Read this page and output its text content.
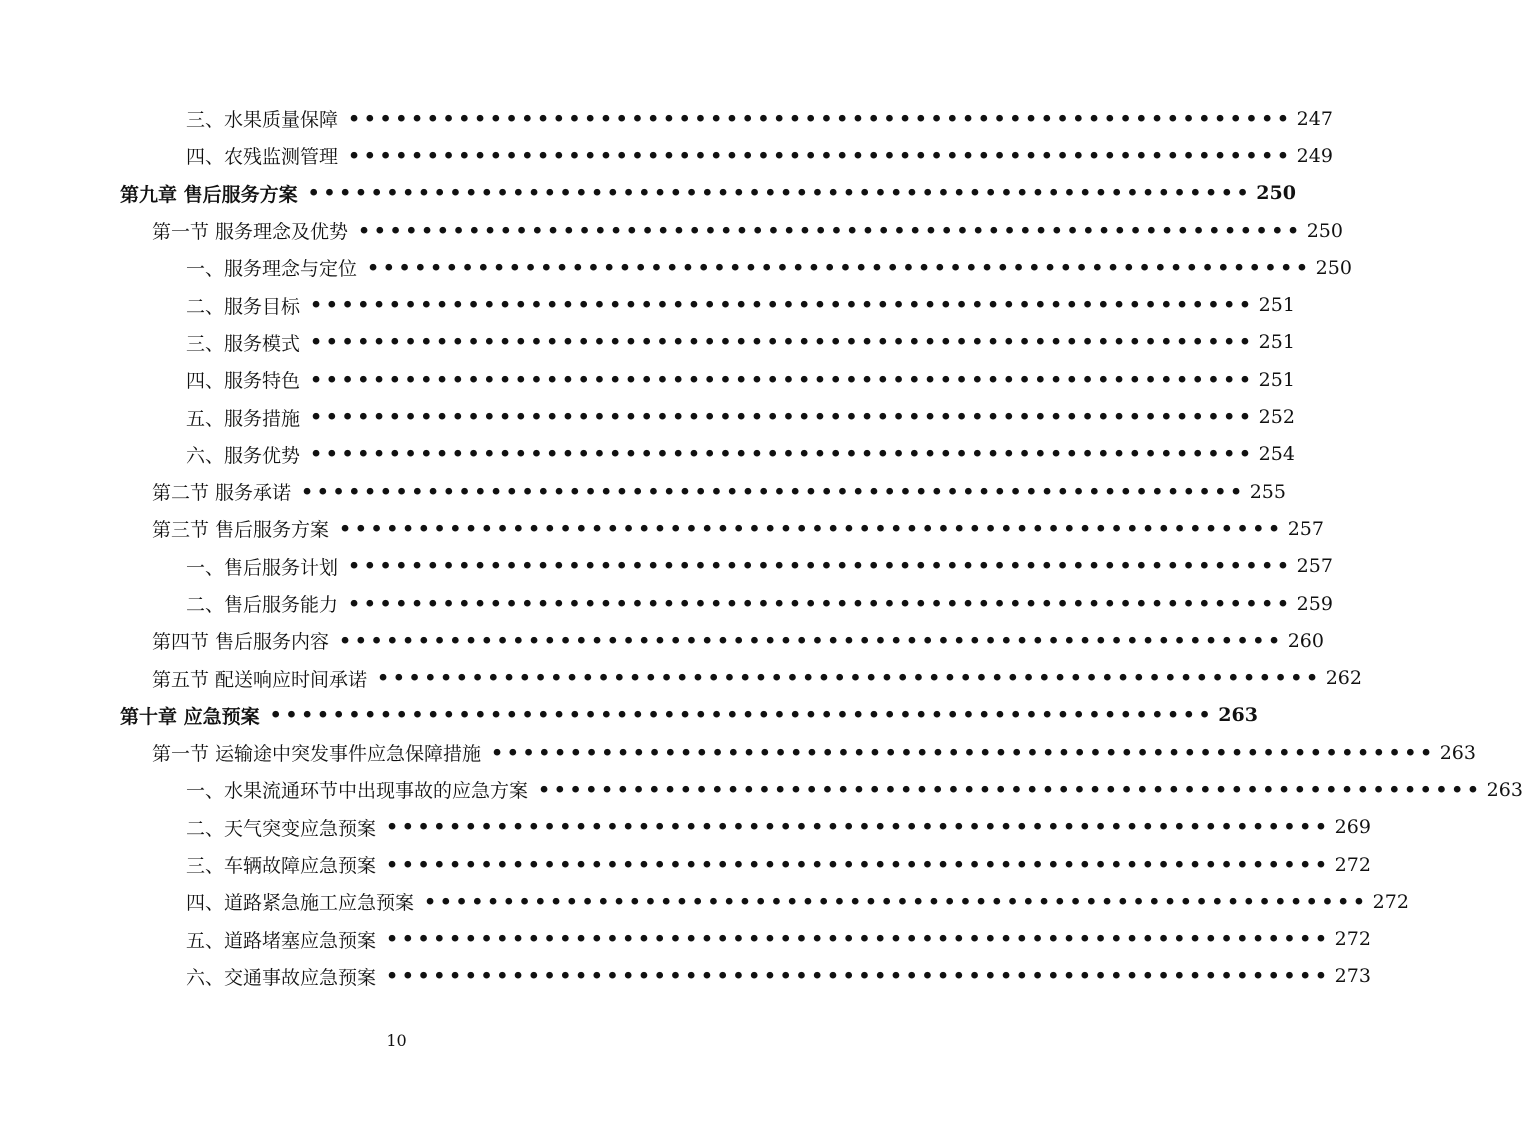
三、水果质量保障 •••••••••••••••••••••••••••••••••••••••••••••••••••••••••••• 247
四、农残监测管理 •••••••••••••••••••••••••••••••••••••••••••••••••••••••••••• 249
第九章 售后服务方案 •••••••••••••••••••••••••••••••••••••••••••••••••••••••••••• 250
第一节 服务理念及优势 •••••••••••••••••••••••••••••••••••••••••••••••••••••••••••• 250
一、服务理念与定位 •••••••••••••••••••••••••••••••••••••••••••••••••••••••••••• 250
二、服务目标 •••••••••••••••••••••••••••••••••••••••••••••••••••••••••••• 251
三、服务模式 •••••••••••••••••••••••••••••••••••••••••••••••••••••••••••• 251
四、服务特色 •••••••••••••••••••••••••••••••••••••••••••••••••••••••••••• 251
五、服务措施 •••••••••••••••••••••••••••••••••••••••••••••••••••••••••••• 252
六、服务优势 •••••••••••••••••••••••••••••••••••••••••••••••••••••••••••• 254
第二节 服务承诺 •••••••••••••••••••••••••••••••••••••••••••••••••••••••••••• 255
第三节 售后服务方案 •••••••••••••••••••••••••••••••••••••••••••••••••••••••••••• 257
一、售后服务计划 •••••••••••••••••••••••••••••••••••••••••••••••••••••••••••• 257
二、售后服务能力 •••••••••••••••••••••••••••••••••••••••••••••••••••••••••••• 259
第四节 售后服务内容 •••••••••••••••••••••••••••••••••••••••••••••••••••••••••••• 260
第五节 配送响应时间承诺 •••••••••••••••••••••••••••••••••••••••••••••••••••••••••••• 262
第十章 应急预案 •••••••••••••••••••••••••••••••••••••••••••••••••••••••••••• 263
第一节 运输途中突发事件应急保障措施 •••••••••••••••••••••••••••••••••••••••••••••••••••••••••••• 263
一、水果流通环节中出现事故的应急方案 •••••••••••••••••••••••••••••••••••••••••••••••••••••••••••• 263
二、天气突变应急预案 •••••••••••••••••••••••••••••••••••••••••••••••••••••••••••• 269
三、车辆故障应急预案 •••••••••••••••••••••••••••••••••••••••••••••••••••••••••••• 272
四、道路紧急施工应急预案 •••••••••••••••••••••••••••••••••••••••••••••••••••••••••••• 272
五、道路堵塞应急预案 •••••••••••••••••••••••••••••••••••••••••••••••••••••••••••• 272
六、交通事故应急预案 •••••••••••••••••••••••••••••••••••••••••••••••••••••••••••• 273
10
